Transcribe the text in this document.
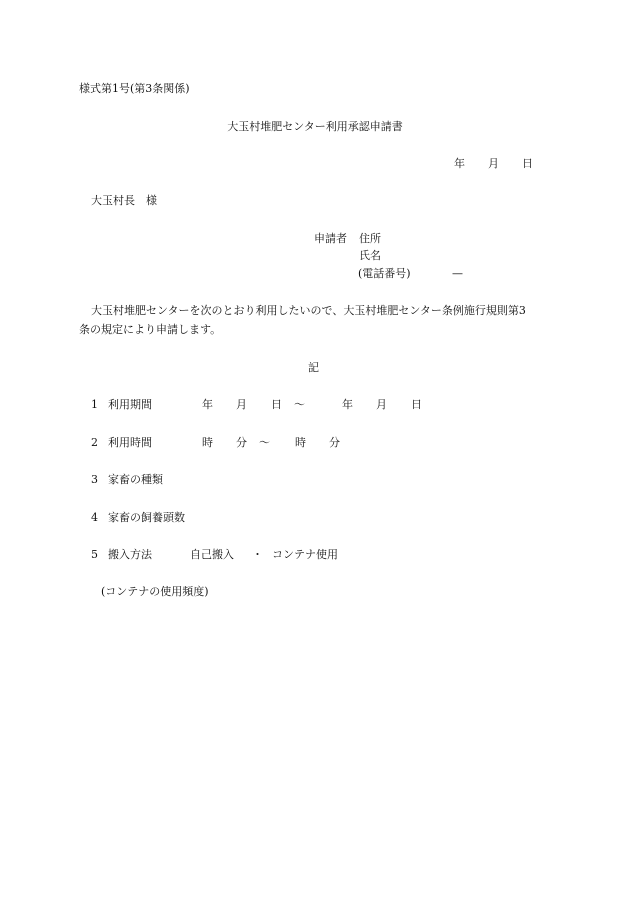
様式第1号(第3条関係)
大玉村堆肥センター利用承認申請書
年 月 日
大玉村長　様
申請者 住所
氏名
(電話番号)	—
大玉村堆肥センターを次のとおり利用したいので、大玉村堆肥センター条例施行規則第3
条の規定により申請します。
記
1 利用期間	年 月 日 〜	年 月 日
2 利用時間	時 分 〜 時 分
3 家畜の種類
4 家畜の飼養頭数
5 搬入方法	自己搬入 ・ コンテナ使用
(コンテナの使用頻度)
